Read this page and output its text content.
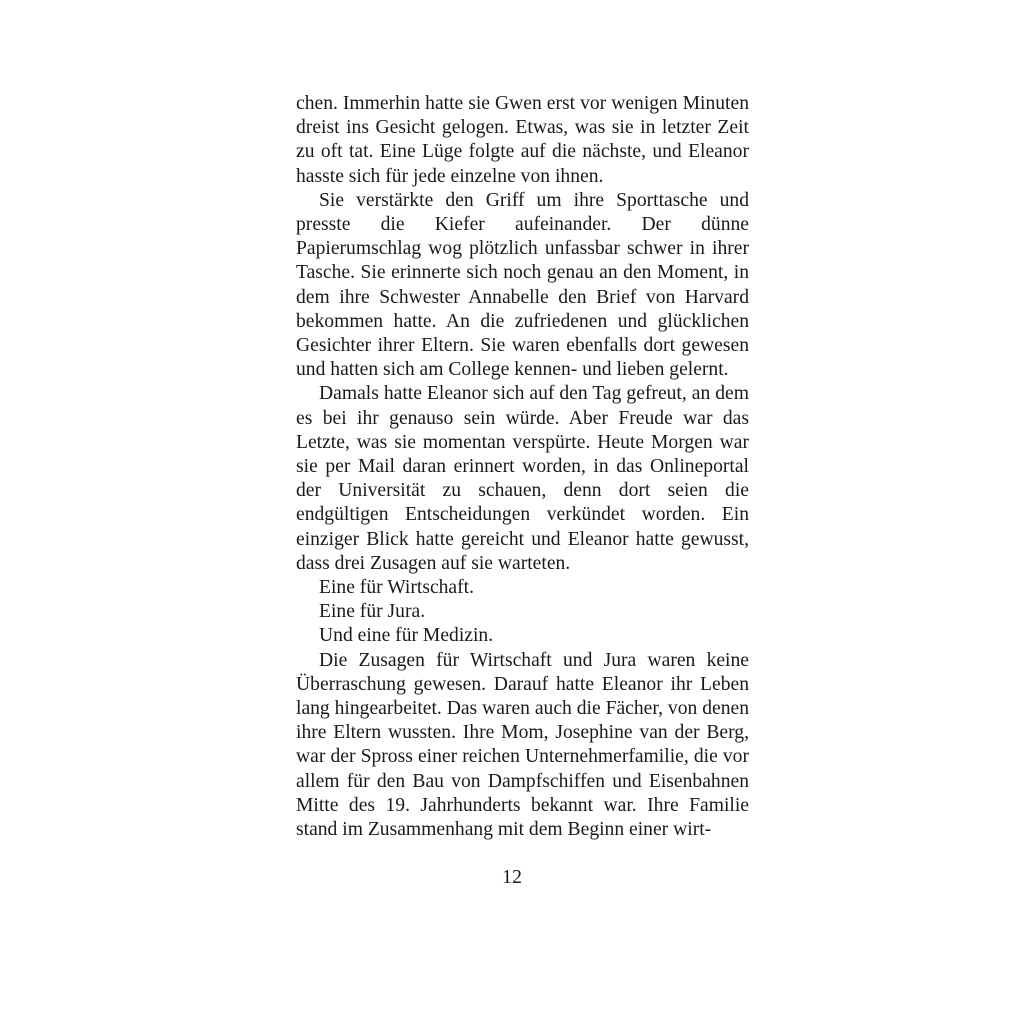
chen. Immerhin hatte sie Gwen erst vor wenigen Minuten dreist ins Gesicht gelogen. Etwas, was sie in letzter Zeit zu oft tat. Eine Lüge folgte auf die nächste, und Eleanor hasste sich für jede einzelne von ihnen.

Sie verstärkte den Griff um ihre Sporttasche und presste die Kiefer aufeinander. Der dünne Papierumschlag wog plötzlich unfassbar schwer in ihrer Tasche. Sie erinnerte sich noch genau an den Moment, in dem ihre Schwester Annabelle den Brief von Harvard bekommen hatte. An die zufriedenen und glücklichen Gesichter ihrer Eltern. Sie waren ebenfalls dort gewesen und hatten sich am College kennen- und lieben gelernt.

Damals hatte Eleanor sich auf den Tag gefreut, an dem es bei ihr genauso sein würde. Aber Freude war das Letzte, was sie momentan verspürte. Heute Morgen war sie per Mail daran erinnert worden, in das Onlineportal der Universität zu schauen, denn dort seien die endgültigen Entscheidungen verkündet worden. Ein einziger Blick hatte gereicht und Eleanor hatte gewusst, dass drei Zusagen auf sie warteten.

Eine für Wirtschaft.

Eine für Jura.

Und eine für Medizin.

Die Zusagen für Wirtschaft und Jura waren keine Überraschung gewesen. Darauf hatte Eleanor ihr Leben lang hingearbeitet. Das waren auch die Fächer, von denen ihre Eltern wussten. Ihre Mom, Josephine van der Berg, war der Spross einer reichen Unternehmerfamilie, die vor allem für den Bau von Dampfschiffen und Eisenbahnen Mitte des 19. Jahrhunderts bekannt war. Ihre Familie stand im Zusammenhang mit dem Beginn einer wirt-

12
